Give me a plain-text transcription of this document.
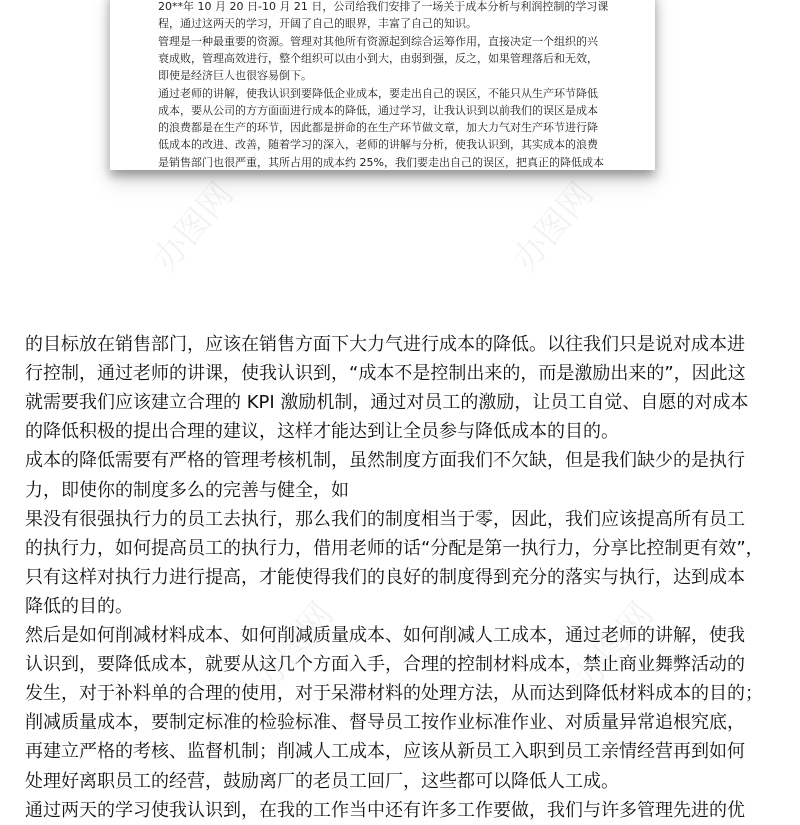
20**年 10 月 20 日-10 月 21 日，公司给我们安排了一场关于成本分析与利润控制的学习课
程，通过这两天的学习，开阔了自己的眼界，丰富了自己的知识。
管理是一种最重要的资源。管理对其他所有资源起到综合运筹作用，直接决定一个组织的兴
衰成败，管理高效进行，整个组织可以由小到大，由弱到强，反之，如果管理落后和无效，
即使是经济巨人也很容易倒下。
通过老师的讲解，使我认识到要降低企业成本，要走出自己的误区，不能只从生产环节降低
成本，要从公司的方方面面进行成本的降低，通过学习，让我认识到以前我们的误区是成本
的浪费都是在生产的环节，因此都是拼命的在生产环节做文章，加大力气对生产环节进行降
低成本的改进、改善，随着学习的深入，老师的讲解与分析，使我认识到，其实成本的浪费
是销售部门也很严重，其所占用的成本约 25%，我们要走出自己的误区，把真正的降低成本
的目标放在销售部门，应该在销售方面下大力气进行成本的降低。以往我们只是说对成本进
行控制，通过老师的讲课，使我认识到，“成本不是控制出来的，而是激励出来的”，因此这
就需要我们应该建立合理的 KPI 激励机制，通过对员工的激励，让员工自觉、自愿的对成本
的降低积极的提出合理的建议，这样才能达到让全员参与降低成本的目的。
成本的降低需要有严格的管理考核机制，虽然制度方面我们不欠缺，但是我们缺少的是执行
力，即使你的制度多么的完善与健全，如
果没有很强执行力的员工去执行，那么我们的制度相当于零，因此，我们应该提高所有员工
的执行力，如何提高员工的执行力，借用老师的话“分配是第一执行力，分享比控制更有效”，
只有这样对执行力进行提高，才能使得我们的良好的制度得到充分的落实与执行，达到成本
降低的目的。
然后是如何削减材料成本、如何削减质量成本、如何削减人工成本，通过老师的讲解，使我
认识到，要降低成本，就要从这几个方面入手，合理的控制材料成本，禁止商业舞弊活动的
发生，对于补料单的合理的使用，对于呆滞材料的处理方法，从而达到降低材料成本的目的；
削减质量成本，要制定标准的检验标准、督导员工按作业标准作业、对质量异常追根究底，
再建立严格的考核、监督机制；削减人工成本，应该从新员工入职到员工亲情经营再到如何
处理好离职员工的经营，鼓励离厂的老员工回厂，这些都可以降低人工成。
通过两天的学习使我认识到，在我的工作当中还有许多工作要做，我们与许多管理先进的优
办图网	办图网
办图网	办图网
